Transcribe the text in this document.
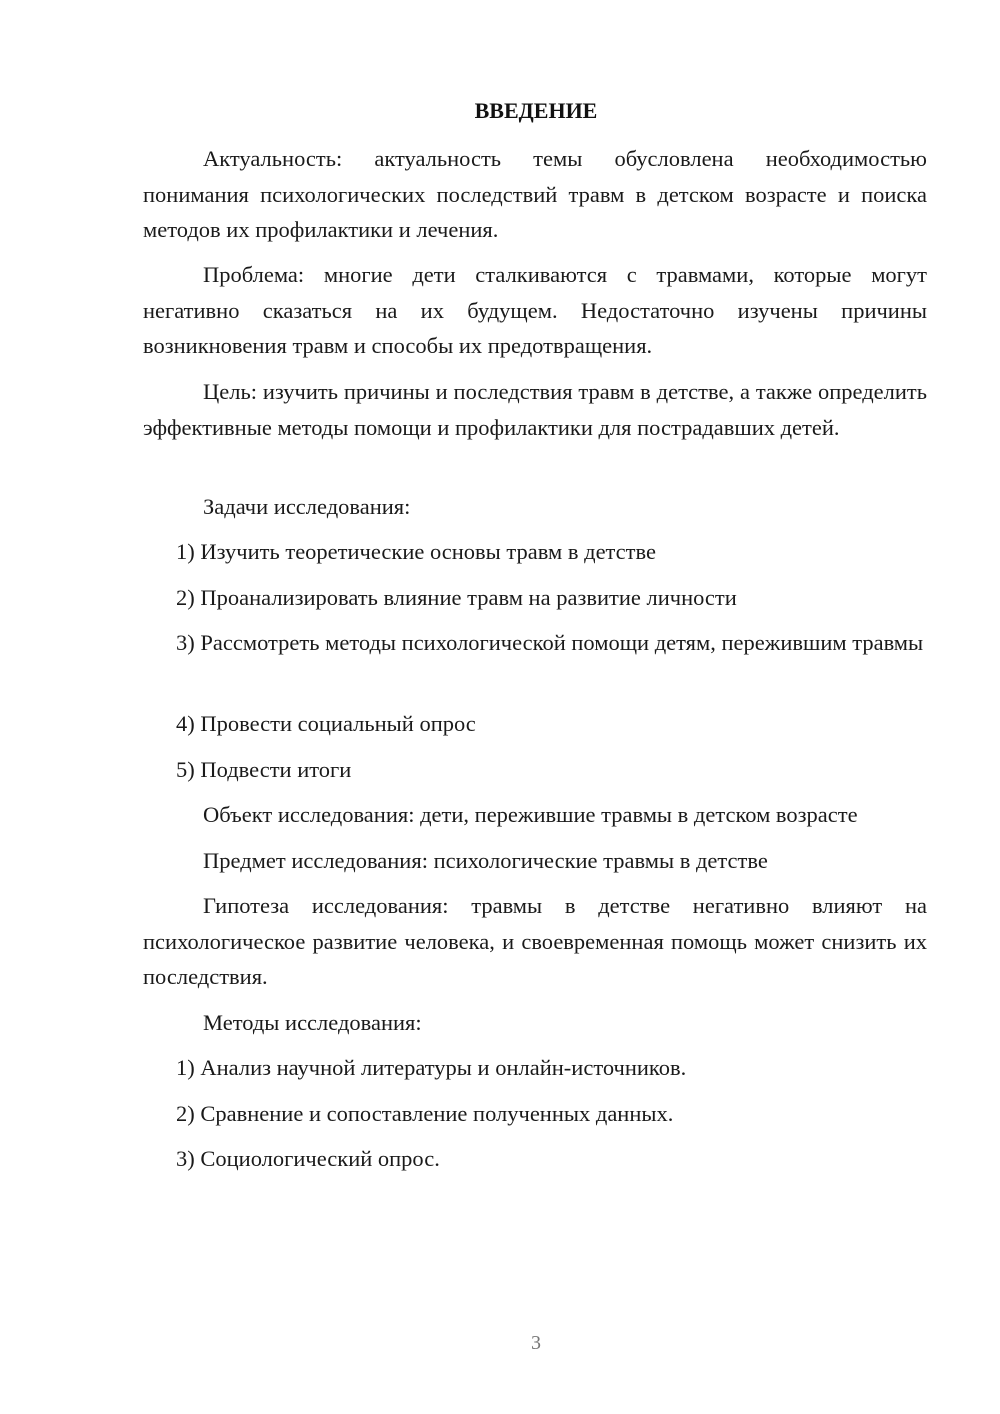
ВВЕДЕНИЕ

Актуальность: актуальность темы обусловлена необходимостью понимания психологических последствий травм в детском возрасте и поиска методов их профилактики и лечения.

Проблема: многие дети сталкиваются с травмами, которые могут негативно сказаться на их будущем. Недостаточно изучены причины возникновения травм и способы их предотвращения.

Цель: изучить причины и последствия травм в детстве, а также определить эффективные методы помощи и профилактики для пострадавших детей.

Задачи исследования:

1) Изучить теоретические основы травм в детстве

2) Проанализировать влияние травм на развитие личности

3) Рассмотреть методы психологической помощи детям, пережившим травмы

4) Провести социальный опрос

5) Подвести итоги

Объект исследования: дети, пережившие травмы в детском возрасте

Предмет исследования: психологические травмы в детстве

Гипотеза исследования: травмы в детстве негативно влияют на психологическое развитие человека, и своевременная помощь может снизить их последствия.

Методы исследования:

1) Анализ научной литературы и онлайн-источников.

2) Сравнение и сопоставление полученных данных.

3) Социологический опрос.

3
